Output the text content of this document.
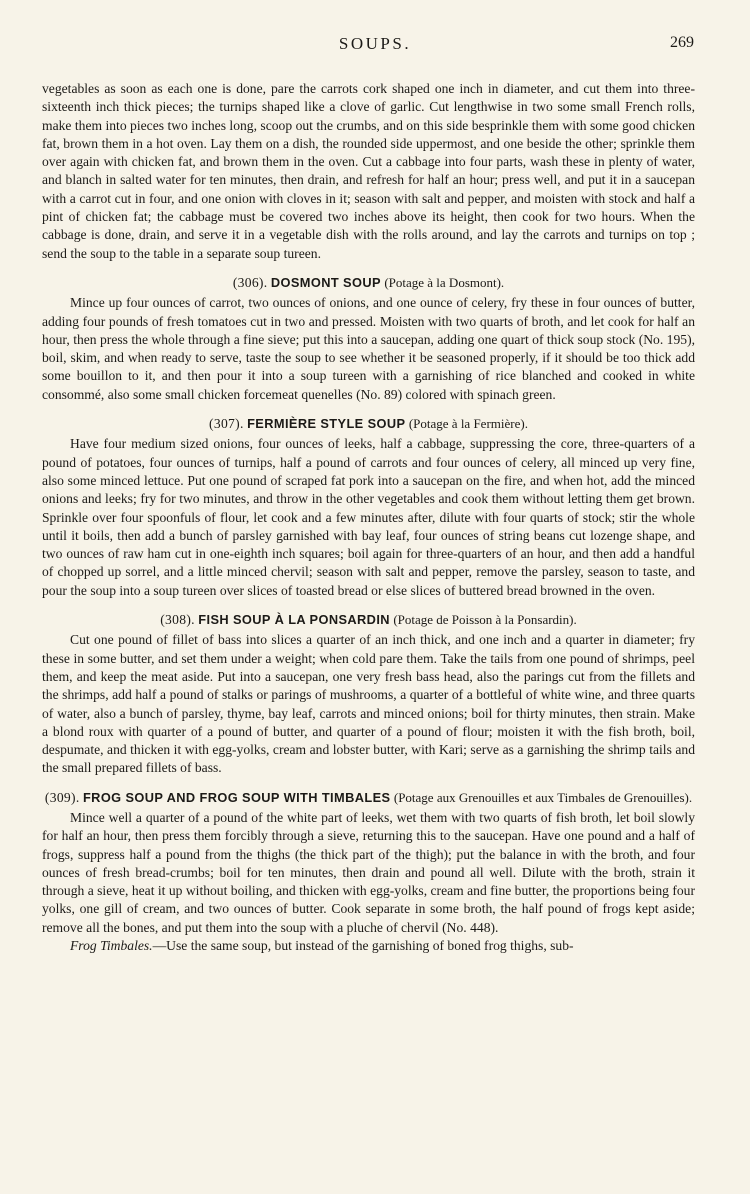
SOUPS.	269

vegetables as soon as each one is done, pare the carrots cork shaped one inch in diameter, and cut them into three-sixteenth inch thick pieces; the turnips shaped like a clove of garlic. Cut lengthwise in two some small French rolls, make them into pieces two inches long, scoop out the crumbs, and on this side besprinkle them with some good chicken fat, brown them in a hot oven. Lay them on a dish, the rounded side uppermost, and one beside the other; sprinkle them over again with chicken fat, and brown them in the oven. Cut a cabbage into four parts, wash these in plenty of water, and blanch in salted water for ten minutes, then drain, and refresh for half an hour; press well, and put it in a saucepan with a carrot cut in four, and one onion with cloves in it; season with salt and pepper, and moisten with stock and half a pint of chicken fat; the cabbage must be covered two inches above its height, then cook for two hours. When the cabbage is done, drain, and serve it in a vegetable dish with the rolls around, and lay the carrots and turnips on top ; send the soup to the table in a separate soup tureen.

(306). DOSMONT SOUP (Potage à la Dosmont).

Mince up four ounces of carrot, two ounces of onions, and one ounce of celery, fry these in four ounces of butter, adding four pounds of fresh tomatoes cut in two and pressed. Moisten with two quarts of broth, and let cook for half an hour, then press the whole through a fine sieve; put this into a saucepan, adding one quart of thick soup stock (No. 195), boil, skim, and when ready to serve, taste the soup to see whether it be seasoned properly, if it should be too thick add some bouillon to it, and then pour it into a soup tureen with a garnishing of rice blanched and cooked in white consommé, also some small chicken forcemeat quenelles (No. 89) colored with spinach green.

(307). FERMIÈRE STYLE SOUP (Potage à la Fermière).

Have four medium sized onions, four ounces of leeks, half a cabbage, suppressing the core, three-quarters of a pound of potatoes, four ounces of turnips, half a pound of carrots and four ounces of celery, all minced up very fine, also some minced lettuce. Put one pound of scraped fat pork into a saucepan on the fire, and when hot, add the minced onions and leeks; fry for two minutes, and throw in the other vegetables and cook them without letting them get brown. Sprinkle over four spoonfuls of flour, let cook and a few minutes after, dilute with four quarts of stock; stir the whole until it boils, then add a bunch of parsley garnished with bay leaf, four ounces of string beans cut lozenge shape, and two ounces of raw ham cut in one-eighth inch squares; boil again for three-quarters of an hour, and then add a handful of chopped up sorrel, and a little minced chervil; season with salt and pepper, remove the parsley, season to taste, and pour the soup into a soup tureen over slices of toasted bread or else slices of buttered bread browned in the oven.

(308). FISH SOUP À LA PONSARDIN (Potage de Poisson à la Ponsardin).

Cut one pound of fillet of bass into slices a quarter of an inch thick, and one inch and a quarter in diameter; fry these in some butter, and set them under a weight; when cold pare them. Take the tails from one pound of shrimps, peel them, and keep the meat aside. Put into a saucepan, one very fresh bass head, also the parings cut from the fillets and the shrimps, add half a pound of stalks or parings of mushrooms, a quarter of a bottleful of white wine, and three quarts of water, also a bunch of parsley, thyme, bay leaf, carrots and minced onions; boil for thirty minutes, then strain. Make a blond roux with quarter of a pound of butter, and quarter of a pound of flour; moisten it with the fish broth, boil, despumate, and thicken it with egg-yolks, cream and lobster butter, with Kari; serve as a garnishing the shrimp tails and the small prepared fillets of bass.

(309). FROG SOUP AND FROG SOUP WITH TIMBALES (Potage aux Grenouilles et aux Timbales de Grenouilles).

Mince well a quarter of a pound of the white part of leeks, wet them with two quarts of fish broth, let boil slowly for half an hour, then press them forcibly through a sieve, returning this to the saucepan. Have one pound and a half of frogs, suppress half a pound from the thighs (the thick part of the thigh); put the balance in with the broth, and four ounces of fresh bread-crumbs; boil for ten minutes, then drain and pound all well. Dilute with the broth, strain it through a sieve, heat it up without boiling, and thicken with egg-yolks, cream and fine butter, the proportions being four yolks, one gill of cream, and two ounces of butter. Cook separate in some broth, the half pound of frogs kept aside; remove all the bones, and put them into the soup with a pluche of chervil (No. 448).

Frog Timbales.—Use the same soup, but instead of the garnishing of boned frog thighs, sub-
